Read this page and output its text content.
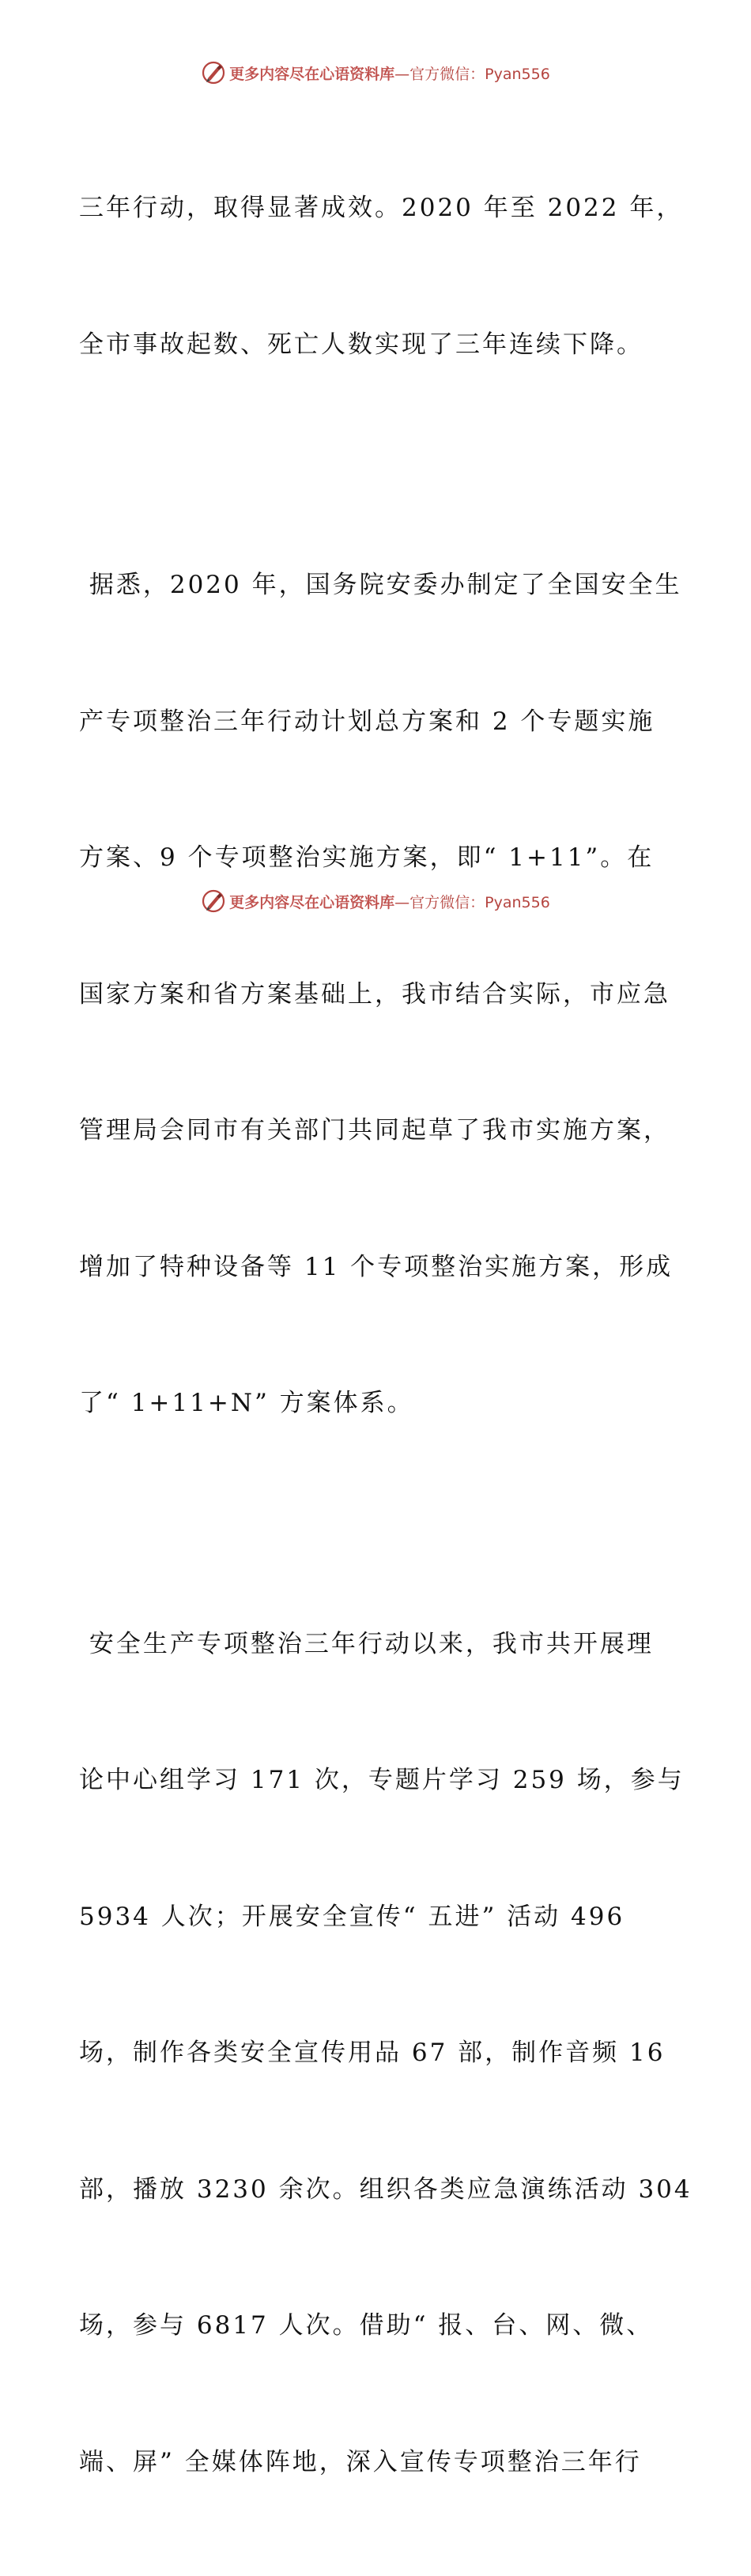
更多内容尽在心语资料库—官方微信：Pyan556

三年行动，取得显著成效。2020 年至 2022 年，

全市事故起数、死亡人数实现了三年连续下降。

据悉，2020 年，国务院安委办制定了全国安全生

产专项整治三年行动计划总方案和 2 个专题实施

方案、9 个专项整治实施方案，即“ 1+11”。在

国家方案和省方案基础上，我市结合实际，市应急

管理局会同市有关部门共同起草了我市实施方案，

增加了特种设备等 11 个专项整治实施方案，形成

了“ 1+11+N” 方案体系。

安全生产专项整治三年行动以来，我市共开展理

论中心组学习 171 次，专题片学习 259 场，参与

5934 人次；开展安全宣传“ 五进” 活动 496

场，制作各类安全宣传用品 67 部，制作音频 16

部，播放 3230 余次。组织各类应急演练活动 304

场，参与 6817 人次。借助“ 报、台、网、微、

端、屏” 全媒体阵地，深入宣传专项整治三年行

更多内容尽在心语资料库—官方微信：Pyan556
